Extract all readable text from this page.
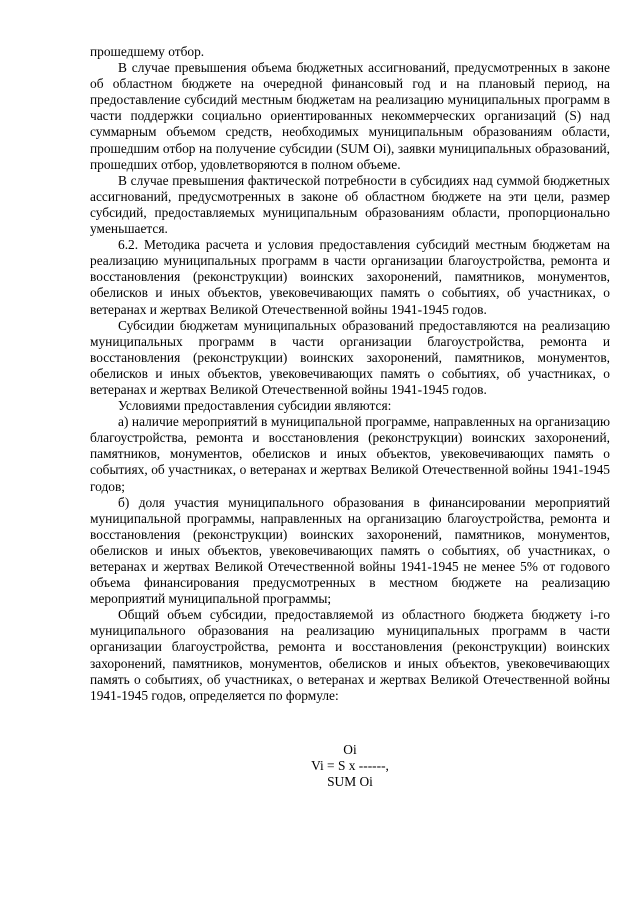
прошедшему отбор.

В случае превышения объема бюджетных ассигнований, предусмотренных в законе об областном бюджете на очередной финансовый год и на плановый период, на предоставление субсидий местным бюджетам на реализацию муниципальных программ в части поддержки социально ориентированных некоммерческих организаций (S) над суммарным объемом средств, необходимых муниципальным образованиям области, прошедшим отбор на получение субсидии (SUM Oi), заявки муниципальных образований, прошедших отбор, удовлетворяются в полном объеме.

В случае превышения фактической потребности в субсидиях над суммой бюджетных ассигнований, предусмотренных в законе об областном бюджете на эти цели, размер субсидий, предоставляемых муниципальным образованиям области, пропорционально уменьшается.

6.2. Методика расчета и условия предоставления субсидий местным бюджетам на реализацию муниципальных программ в части организации благоустройства, ремонта и восстановления (реконструкции) воинских захоронений, памятников, монументов, обелисков и иных объектов, увековечивающих память о событиях, об участниках, о ветеранах и жертвах Великой Отечественной войны 1941-1945 годов.

Субсидии бюджетам муниципальных образований предоставляются на реализацию муниципальных программ в части организации благоустройства, ремонта и восстановления (реконструкции) воинских захоронений, памятников, монументов, обелисков и иных объектов, увековечивающих память о событиях, об участниках, о ветеранах и жертвах Великой Отечественной войны 1941-1945 годов.

Условиями предоставления субсидии являются:

а) наличие мероприятий в муниципальной программе, направленных на организацию благоустройства, ремонта и восстановления (реконструкции) воинских захоронений, памятников, монументов, обелисков и иных объектов, увековечивающих память о событиях, об участниках, о ветеранах и жертвах Великой Отечественной войны 1941-1945 годов;

б) доля участия муниципального образования в финансировании мероприятий муниципальной программы, направленных на организацию благоустройства, ремонта и восстановления (реконструкции) воинских захоронений, памятников, монументов, обелисков и иных объектов, увековечивающих память о событиях, об участниках, о ветеранах и жертвах Великой Отечественной войны 1941-1945 не менее 5% от годового объема финансирования предусмотренных в местном бюджете на реализацию мероприятий муниципальной программы;

Общий объем субсидии, предоставляемой из областного бюджета бюджету i-го муниципального образования на реализацию муниципальных программ в части организации благоустройства, ремонта и восстановления (реконструкции) воинских захоронений, памятников, монументов, обелисков и иных объектов, увековечивающих память о событиях, об участниках, о ветеранах и жертвах Великой Отечественной войны 1941-1945 годов, определяется по формуле:

Oi
Vi = S x ------,
SUM Oi
